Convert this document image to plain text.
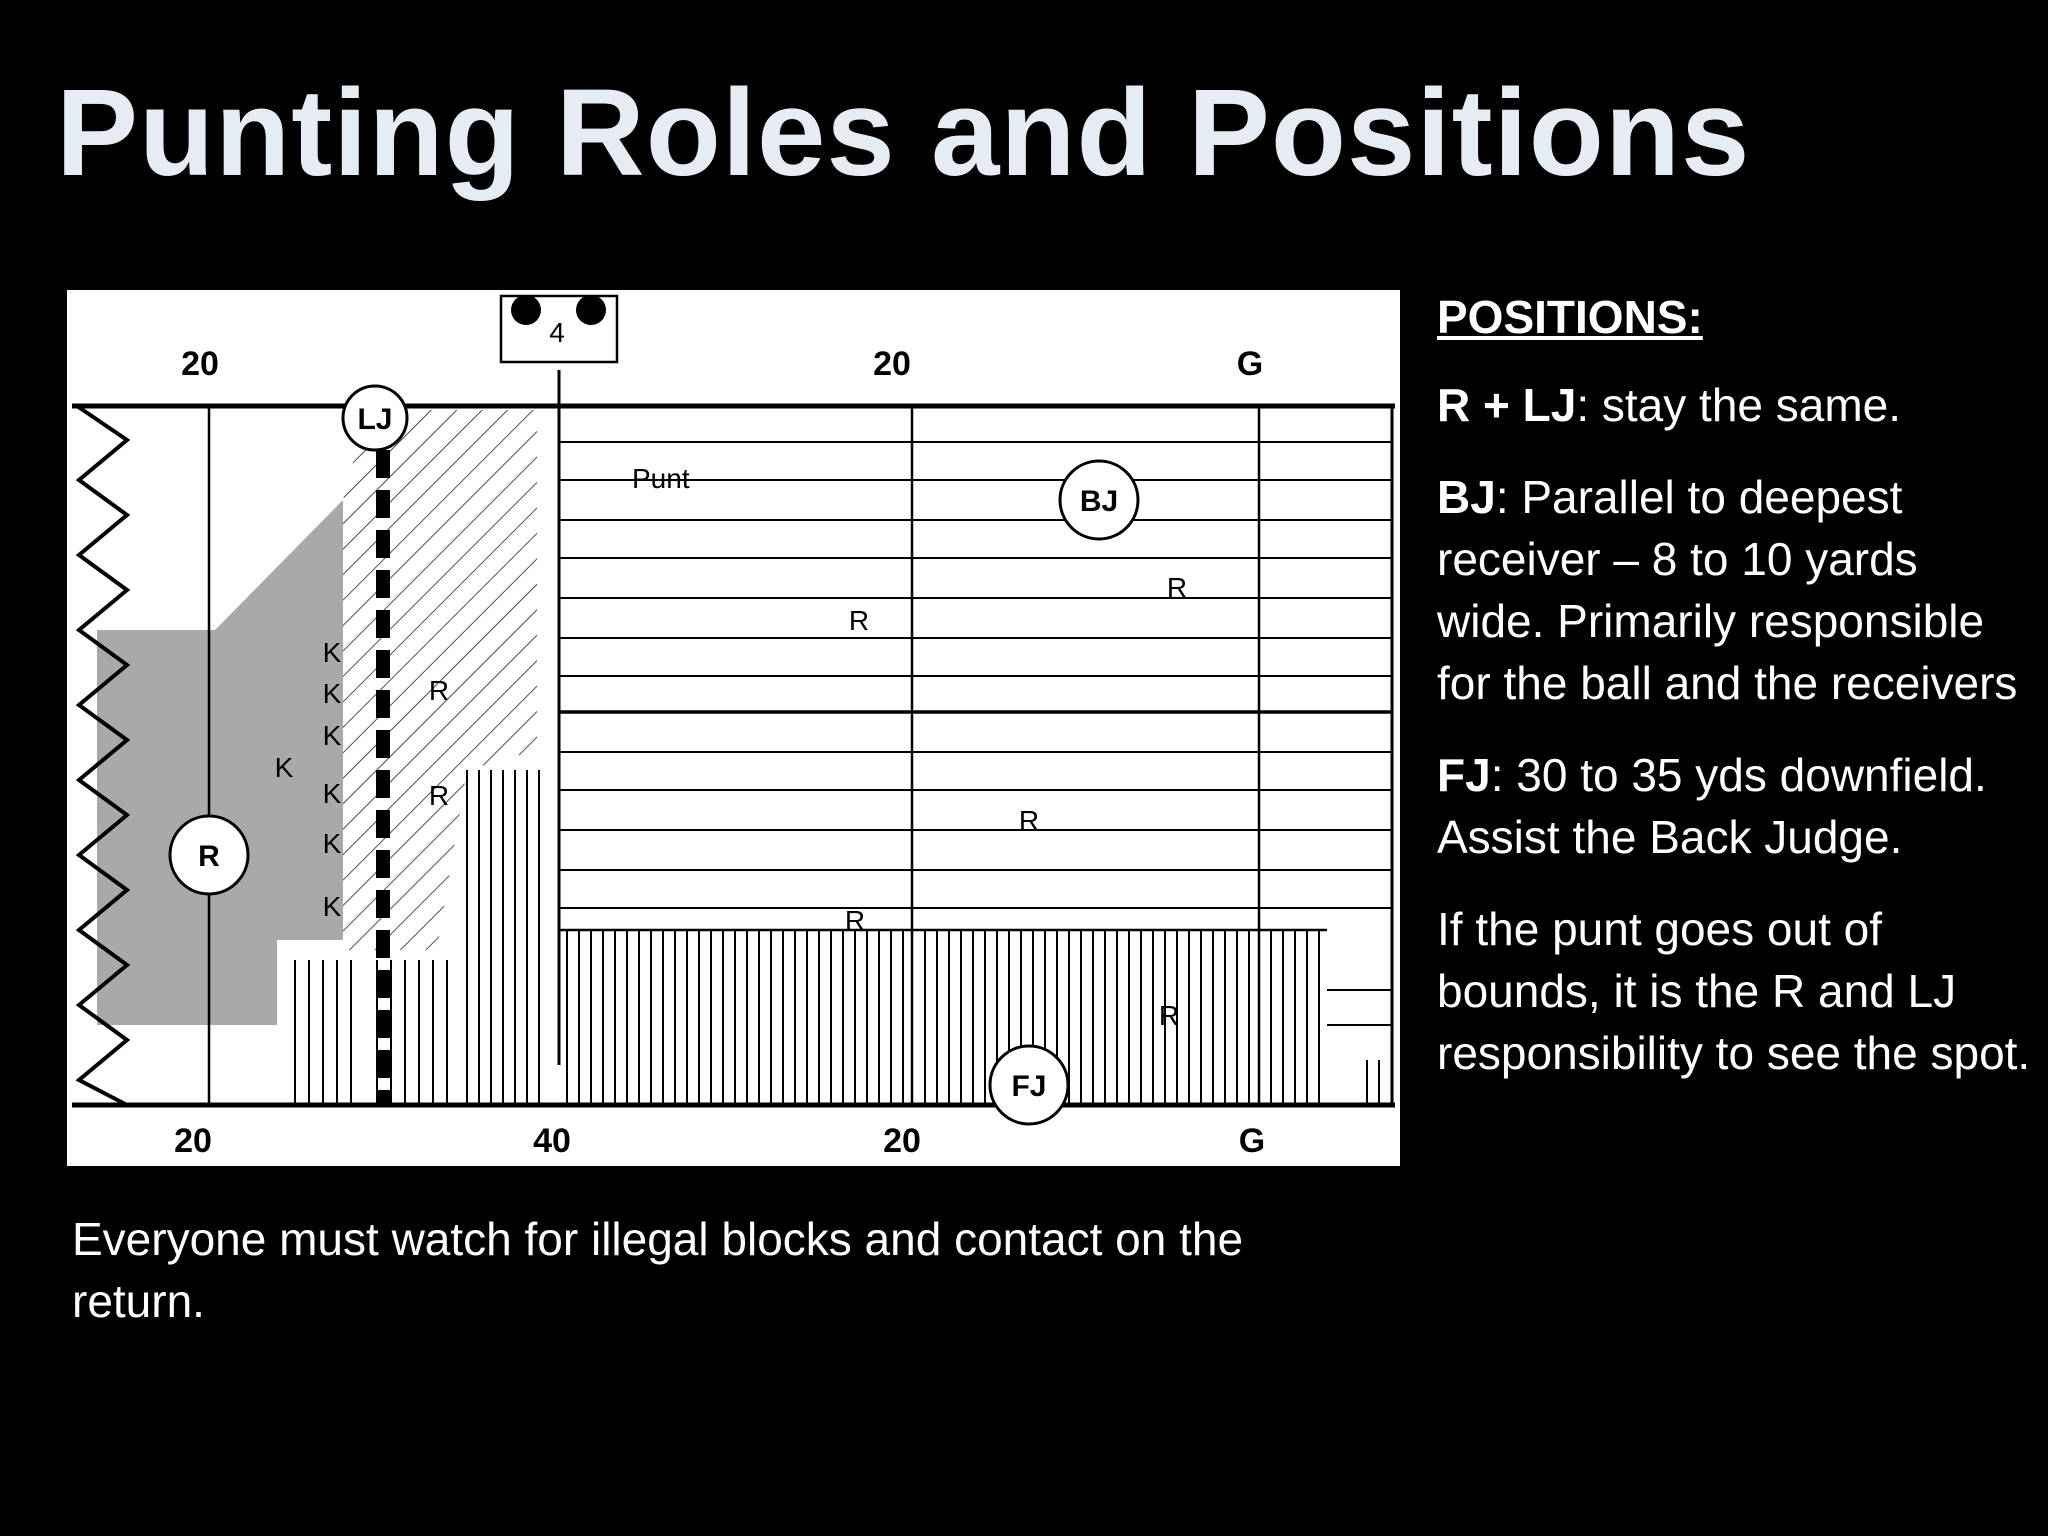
Punting Roles and Positions
4
20	20	G
20	40	20	G
Punt
K
K
K
K
K
K
K
R
R
R
R
R
R
R
LJ
R
BJ
FJ

Everyone must watch for illegal blocks and contact on the return.

POSITIONS:

R + LJ: stay the same.

BJ: Parallel to deepest receiver – 8 to 10 yards wide. Primarily responsible for the ball and the receivers

FJ: 30 to 35 yds downfield. Assist the Back Judge.

If the punt goes out of bounds, it is the R and LJ responsibility to see the spot.
